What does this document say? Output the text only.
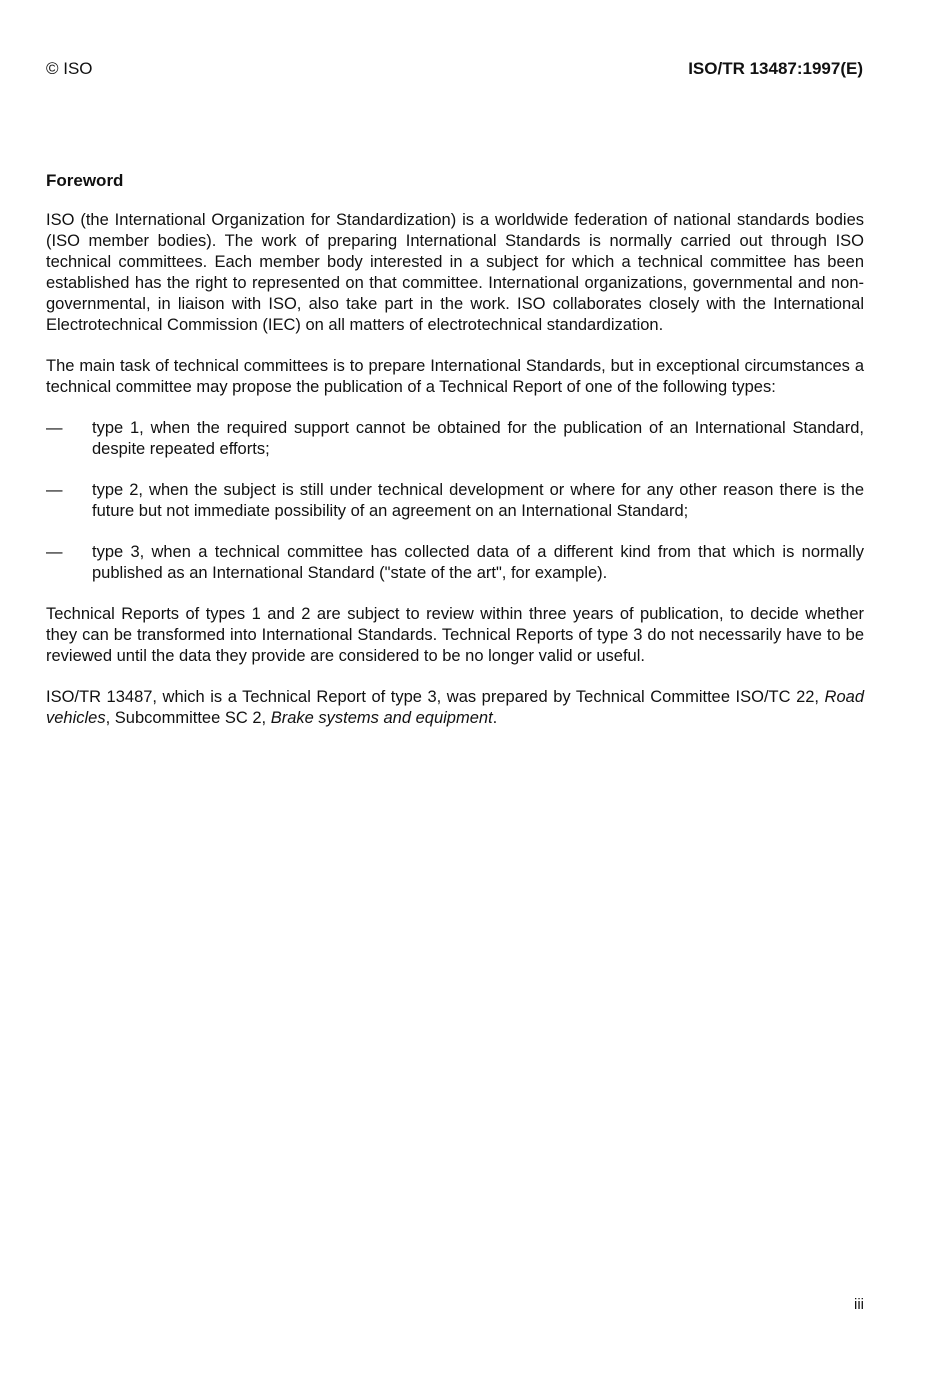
© ISO	ISO/TR 13487:1997(E)
Foreword

ISO (the International Organization for Standardization) is a worldwide federation of national standards bodies (ISO member bodies). The work of preparing International Standards is normally carried out through ISO technical committees. Each member body interested in a subject for which a technical committee has been established has the right to represented on that committee. International organizations, governmental and non-governmental, in liaison with ISO, also take part in the work. ISO collaborates closely with the International Electrotechnical Commission (IEC) on all matters of electrotechnical standardization.

The main task of technical committees is to prepare International Standards, but in exceptional circumstances a technical committee may propose the publication of a Technical Report of one of the following types:

—	type 1, when the required support cannot be obtained for the publication of an International Standard, despite repeated efforts;
—	type 2, when the subject is still under technical development or where for any other reason there is the future but not immediate possibility of an agreement on an International Standard;
—	type 3, when a technical committee has collected data of a different kind from that which is normally published as an International Standard ("state of the art", for example).

Technical Reports of types 1 and 2 are subject to review within three years of publication, to decide whether they can be transformed into International Standards. Technical Reports of type 3 do not necessarily have to be reviewed until the data they provide are considered to be no longer valid or useful.

ISO/TR 13487, which is a Technical Report of type 3, was prepared by Technical Committee ISO/TC 22, Road vehicles, Subcommittee SC 2, Brake systems and equipment.

iii
